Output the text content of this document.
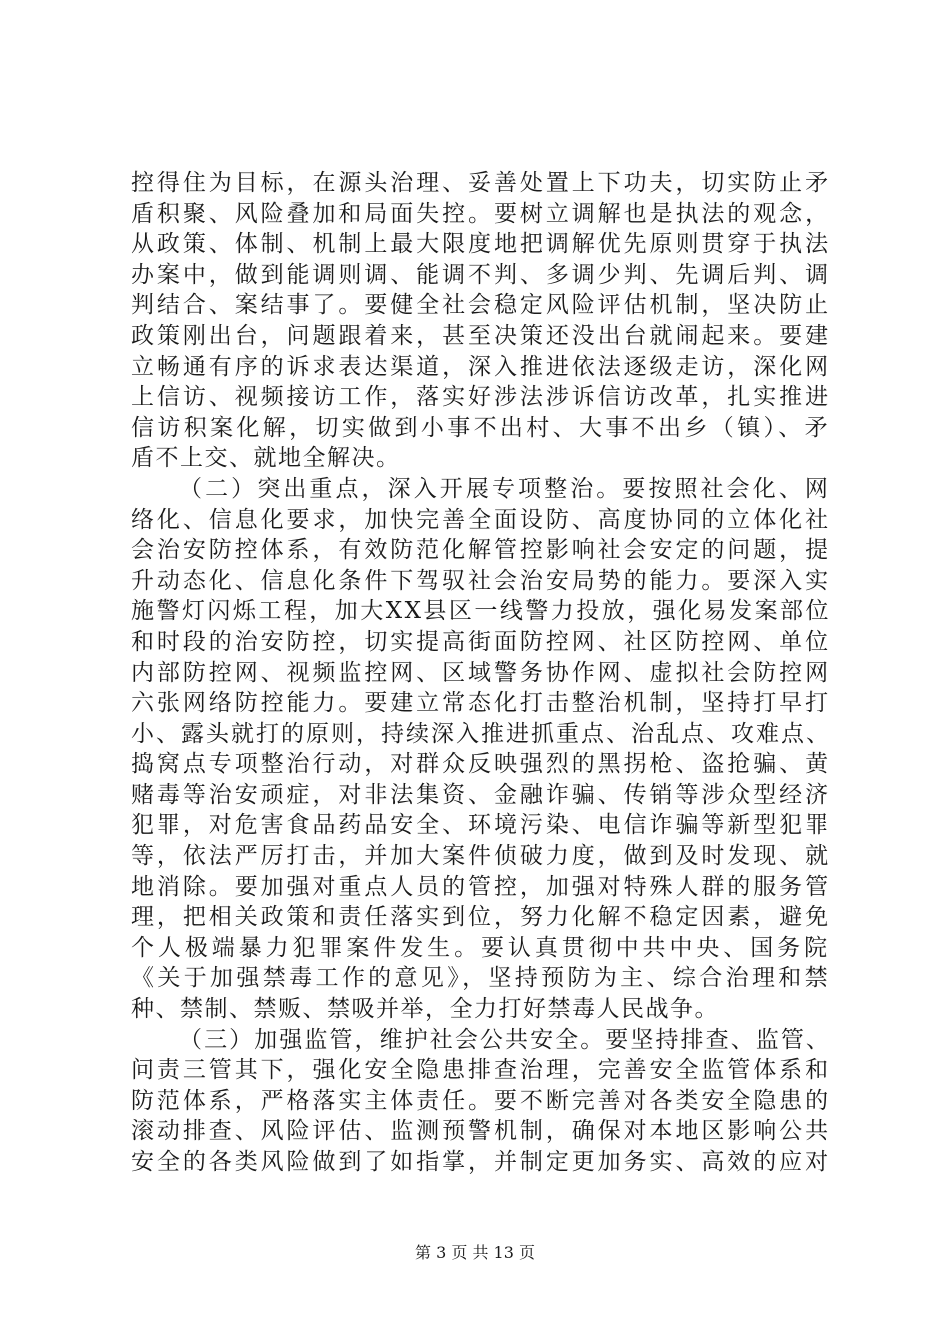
控得住为目标，在源头治理、妥善处置上下功夫，切实防止矛
盾积聚、风险叠加和局面失控。要树立调解也是执法的观念，
从政策、体制、机制上最大限度地把调解优先原则贯穿于执法
办案中，做到能调则调、能调不判、多调少判、先调后判、调
判结合、案结事了。要健全社会稳定风险评估机制，坚决防止
政策刚出台，问题跟着来，甚至决策还没出台就闹起来。要建
立畅通有序的诉求表达渠道，深入推进依法逐级走访，深化网
上信访、视频接访工作，落实好涉法涉诉信访改革，扎实推进
信访积案化解，切实做到小事不出村、大事不出乡（镇）、矛
盾不上交、就地全解决。
（二）突出重点，深入开展专项整治。要按照社会化、网
络化、信息化要求，加快完善全面设防、高度协同的立体化社
会治安防控体系，有效防范化解管控影响社会安定的问题，提
升动态化、信息化条件下驾驭社会治安局势的能力。要深入实
施警灯闪烁工程，加大XX县区一线警力投放，强化易发案部位
和时段的治安防控，切实提高街面防控网、社区防控网、单位
内部防控网、视频监控网、区域警务协作网、虚拟社会防控网
六张网络防控能力。要建立常态化打击整治机制，坚持打早打
小、露头就打的原则，持续深入推进抓重点、治乱点、攻难点、
捣窝点专项整治行动，对群众反映强烈的黑拐枪、盗抢骗、黄
赌毒等治安顽症，对非法集资、金融诈骗、传销等涉众型经济
犯罪，对危害食品药品安全、环境污染、电信诈骗等新型犯罪
等，依法严厉打击，并加大案件侦破力度，做到及时发现、就
地消除。要加强对重点人员的管控，加强对特殊人群的服务管
理，把相关政策和责任落实到位，努力化解不稳定因素，避免
个人极端暴力犯罪案件发生。要认真贯彻中共中央、国务院
《关于加强禁毒工作的意见》，坚持预防为主、综合治理和禁
种、禁制、禁贩、禁吸并举，全力打好禁毒人民战争。
（三）加强监管，维护社会公共安全。要坚持排查、监管、
问责三管其下，强化安全隐患排查治理，完善安全监管体系和
防范体系，严格落实主体责任。要不断完善对各类安全隐患的
滚动排查、风险评估、监测预警机制，确保对本地区影响公共
安全的各类风险做到了如指掌，并制定更加务实、高效的应对
第 3 页 共 13 页
